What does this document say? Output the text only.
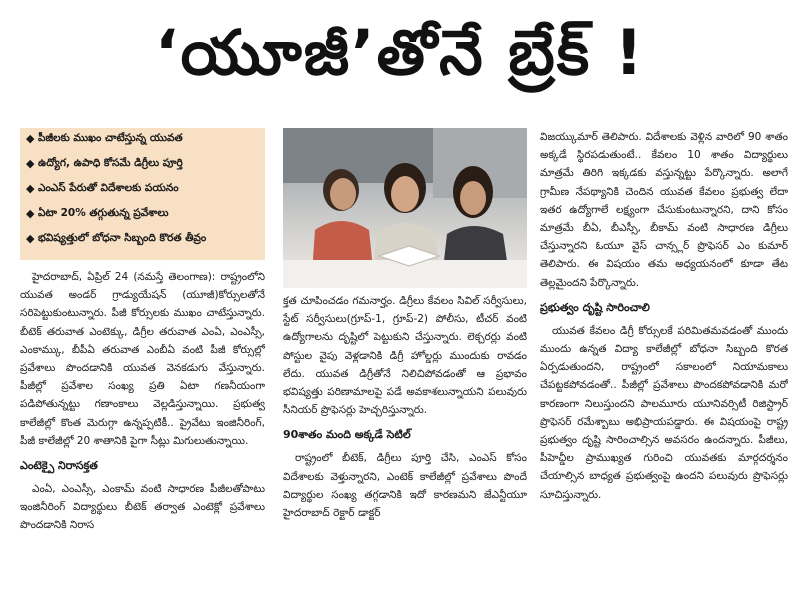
‘యూజీ’తోనే బ్రేక్ !
◆ పీజీలకు ముఖం చాటేస్తున్న యువత
◆ ఉద్యోగ, ఉపాధి కోసమే డిగ్రీలు పూర్తి
◆ ఎంఎస్ పేరుతో విదేశాలకు పయనం
◆ ఏటా 20% తగ్గుతున్న ప్రవేశాలు
◆ భవిష్యత్తులో బోధనా సిబ్బంది కొరత తీవ్రం

హైదరాబాద్, ఏప్రిల్ 24 (నమస్తే తెలంగాణ): రాష్ట్రంలోని యువత అండర్ గ్రాడ్యుయేషన్ (యూజీ)కోర్సులతోనే సరిపెట్టుకుంటున్నారు. పీజీ కోర్సులకు ముఖం చాటేస్తున్నారు. బీటెక్ తరువాత ఎంటెక్కు, డిగ్రీల తరువాత ఎంఏ, ఎంఎస్సీ, ఎంకామ్కు, బీపీఏ తరువాత ఎంబీఏ వంటి పీజీ కోర్సుల్లో ప్రవేశాలు పొందడానికి యువత వెనకడుగు వేస్తున్నారు. పీజీల్లో ప్రవేశాల సంఖ్య ప్రతి ఏటా గణనీయంగా పడిపోతున్నట్టు గణాంకాలు వెల్లడిస్తున్నాయి. ప్రభుత్వ కాలేజీల్లో కొంత మెరుగ్గా ఉన్నప్పటికీ.. ప్రైవేటు ఇంజినీరింగ్, పీజీ కాలేజీల్లో 20 శాతానికి పైగా సీట్లు మిగులుతున్నాయి.

ఎంటెక్పై నిరాసక్తత

ఎంఏ, ఎంఎస్సీ, ఎంకామ్ వంటి సాధారణ పీజీలతోపాటు ఇంజినీరింగ్ విద్యార్థులు బీటెక్ తర్వాత ఎంటెక్లో ప్రవేశాలు పొందడానికి నిరాస

క్తత చూపించడం గమనార్హం. డిగ్రీలు కేవలం సివిల్ సర్వీసులు, స్టేట్ సర్వీసులు(గ్రూప్-1, గ్రూప్-2) పోలీసు, టీచర్ వంటి ఉద్యోగాలను దృష్టిలో పెట్టుకుని చేస్తున్నారు. లెక్చరర్లు వంటి పోస్టుల వైపు వెళ్లడానికి డిగ్రీ హోల్డర్లు ముందుకు రావడం లేదు. యువత డిగ్రీతోనే నిలిచిపోవడంతో ఆ ప్రభావం భవిష్యత్తు పరిణామాలపై పడే అవకాశలున్నాయని పలువురు సీనియర్ ప్రొఫెసర్లు హెచ్చరిస్తున్నారు.

90శాతం మంది అక్కడే సెటిల్

రాష్ట్రంలో బీటెక్, డిగ్రీలు పూర్తి చేసి, ఎంఎస్ కోసం విదేశాలకు వెళ్తున్నారని, ఎంటెక్ కాలేజీల్లో ప్రవేశాలు పొందే విద్యార్థుల సంఖ్య తగ్గడానికి ఇదో కారణమని జేఎన్టీయూ హైదరాబాద్ రెక్టార్ డాక్టర్

విజయ్కుమార్ తెలిపారు. విదేశాలకు వెళ్లిన వారిలో 90 శాతం అక్కడే స్థిరపడుతుంటే.. కేవలం 10 శాతం విద్యార్థులు మాత్రమే తిరిగి ఇక్కడకు వస్తున్నట్టు పేర్కొన్నారు. అలాగే గ్రామీణ నేపథ్యానికి చెందిన యువత కేవలం ప్రభుత్వ లేదా ఇతర ఉద్యోగాలే లక్ష్యంగా చేసుకుంటున్నారని, దాని కోసం మాత్రమే బీఏ, బీఎస్సీ, బీకామ్ వంటి సాధారణ డిగ్రీలు చేస్తున్నారని ఓయూ వైస్ చాన్స్లర్ ప్రొఫెసర్ ఎం కుమార్ తెలిపారు. ఈ విషయం తమ అధ్యయనంలో కూడా తేట తెల్లమైందని పేర్కొన్నారు.

ప్రభుత్వం దృష్టి సారించాలి

యువత కేవలం డిగ్రీ కోర్సులకే పరిమితమవడంతో ముందు ముందు ఉన్నత విద్యా కాలేజీల్లో బోధనా సిబ్బంది కొరత ఏర్పడుతుందని, రాష్ట్రంలో సకాలంలో నియామకాలు చేపట్టకపోవడంతో.. పీజీల్లో ప్రవేశాలు పొందకపోవడానికి మరో కారణంగా నిలుస్తుందని పాలమూరు యూనివర్సిటీ రిజిస్ట్రార్ ప్రొఫెసర్ రమేశ్బాబు అభిప్రాయపడ్డారు. ఈ విషయంపై రాష్ట్ర ప్రభుత్వం దృష్టి సారించాల్సిన అవసరం ఉందన్నారు. పీజీలు, పీహెచ్డీల ప్రాముఖ్యత గురించి యువతకు మార్గదర్శనం చేయాల్సిన బాధ్యత ప్రభుత్వంపై ఉందని పలువురు ప్రొఫెసర్లు సూచిస్తున్నారు.
